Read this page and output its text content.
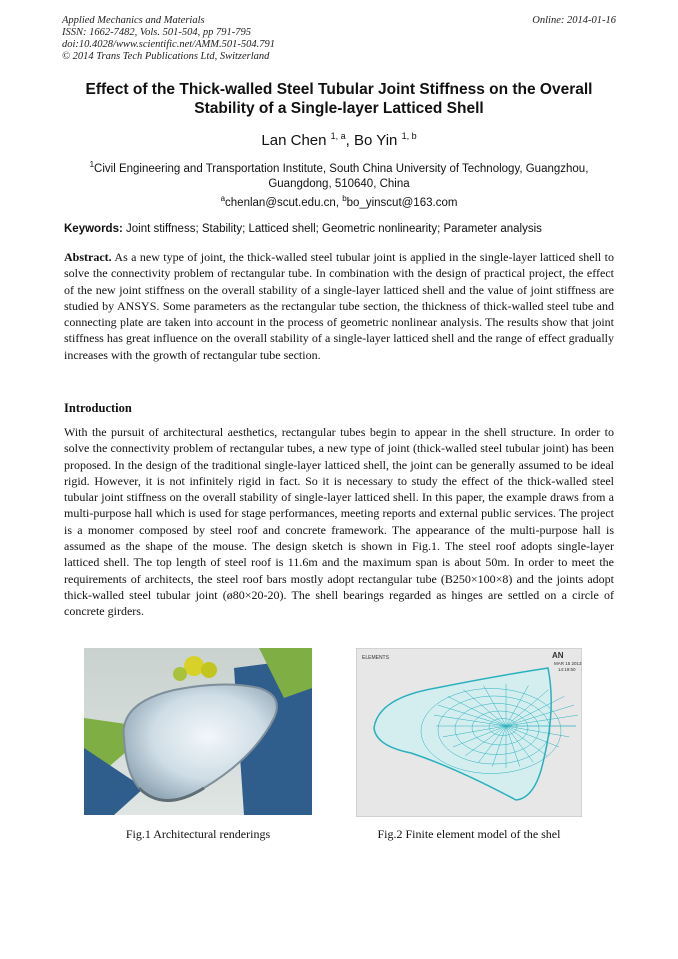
Applied Mechanics and Materials
ISSN: 1662-7482, Vols. 501-504, pp 791-795
doi:10.4028/www.scientific.net/AMM.501-504.791
© 2014 Trans Tech Publications Ltd, Switzerland
Online: 2014-01-16
Effect of the Thick-walled Steel Tubular Joint Stiffness on the Overall
Stability of a Single-layer Latticed Shell
Lan Chen $^{1, a}$, Bo Yin $^{1, b}$
$^1$Civil Engineering and Transportation Institute, South China University of Technology, Guangzhou,
Guangdong, 510640, China
$^a$chenlan@scut.edu.cn, $^b$bo_yinscut@163.com
Keywords: Joint stiffness; Stability; Latticed shell; Geometric nonlinearity; Parameter analysis
Abstract. As a new type of joint, the thick-walled steel tubular joint is applied in the single-layer latticed shell to solve the connectivity problem of rectangular tube. In combination with the design of practical project, the effect of the new joint stiffness on the overall stability of a single-layer latticed shell and the value of joint stiffness are studied by ANSYS. Some parameters as the rectangular tube section, the thickness of thick-walled steel tube and connecting plate are taken into account in the process of geometric nonlinear analysis. The results show that joint stiffness has great influence on the overall stability of a single-layer latticed shell and the range of effect gradually increases with the growth of rectangular tube section.
Introduction
With the pursuit of architectural aesthetics, rectangular tubes begin to appear in the shell structure. In order to solve the connectivity problem of rectangular tubes, a new type of joint (thick-walled steel tubular joint) has been proposed. In the design of the traditional single-layer latticed shell, the joint can be generally assumed to be ideal rigid. However, it is not infinitely rigid in fact. So it is necessary to study the effect of the thick-walled steel tubular joint stiffness on the overall stability of single-layer latticed shell. In this paper, the example draws from a multi-purpose hall which is used for stage performances, meeting reports and external public services. The project is a monomer composed by steel roof and concrete framework. The appearance of the multi-purpose hall is assumed as the shape of the mouse. The design sketch is shown in Fig.1. The steel roof adopts single-layer latticed shell. The top length of steel roof is 11.6m and the maximum span is about 50m. In order to meet the requirements of architects, the steel roof bars mostly adopt rectangular tube (B250×100×8) and the joints adopt thick-walled steel tubular joint (ø80×20-20). The shell bearings regarded as hinges are settled on a circle of concrete girders.
ELEMENTS	AN
MAR 15 2013
14:19:50
Fig.1 Architectural renderings	Fig.2 Finite element model of the shel
